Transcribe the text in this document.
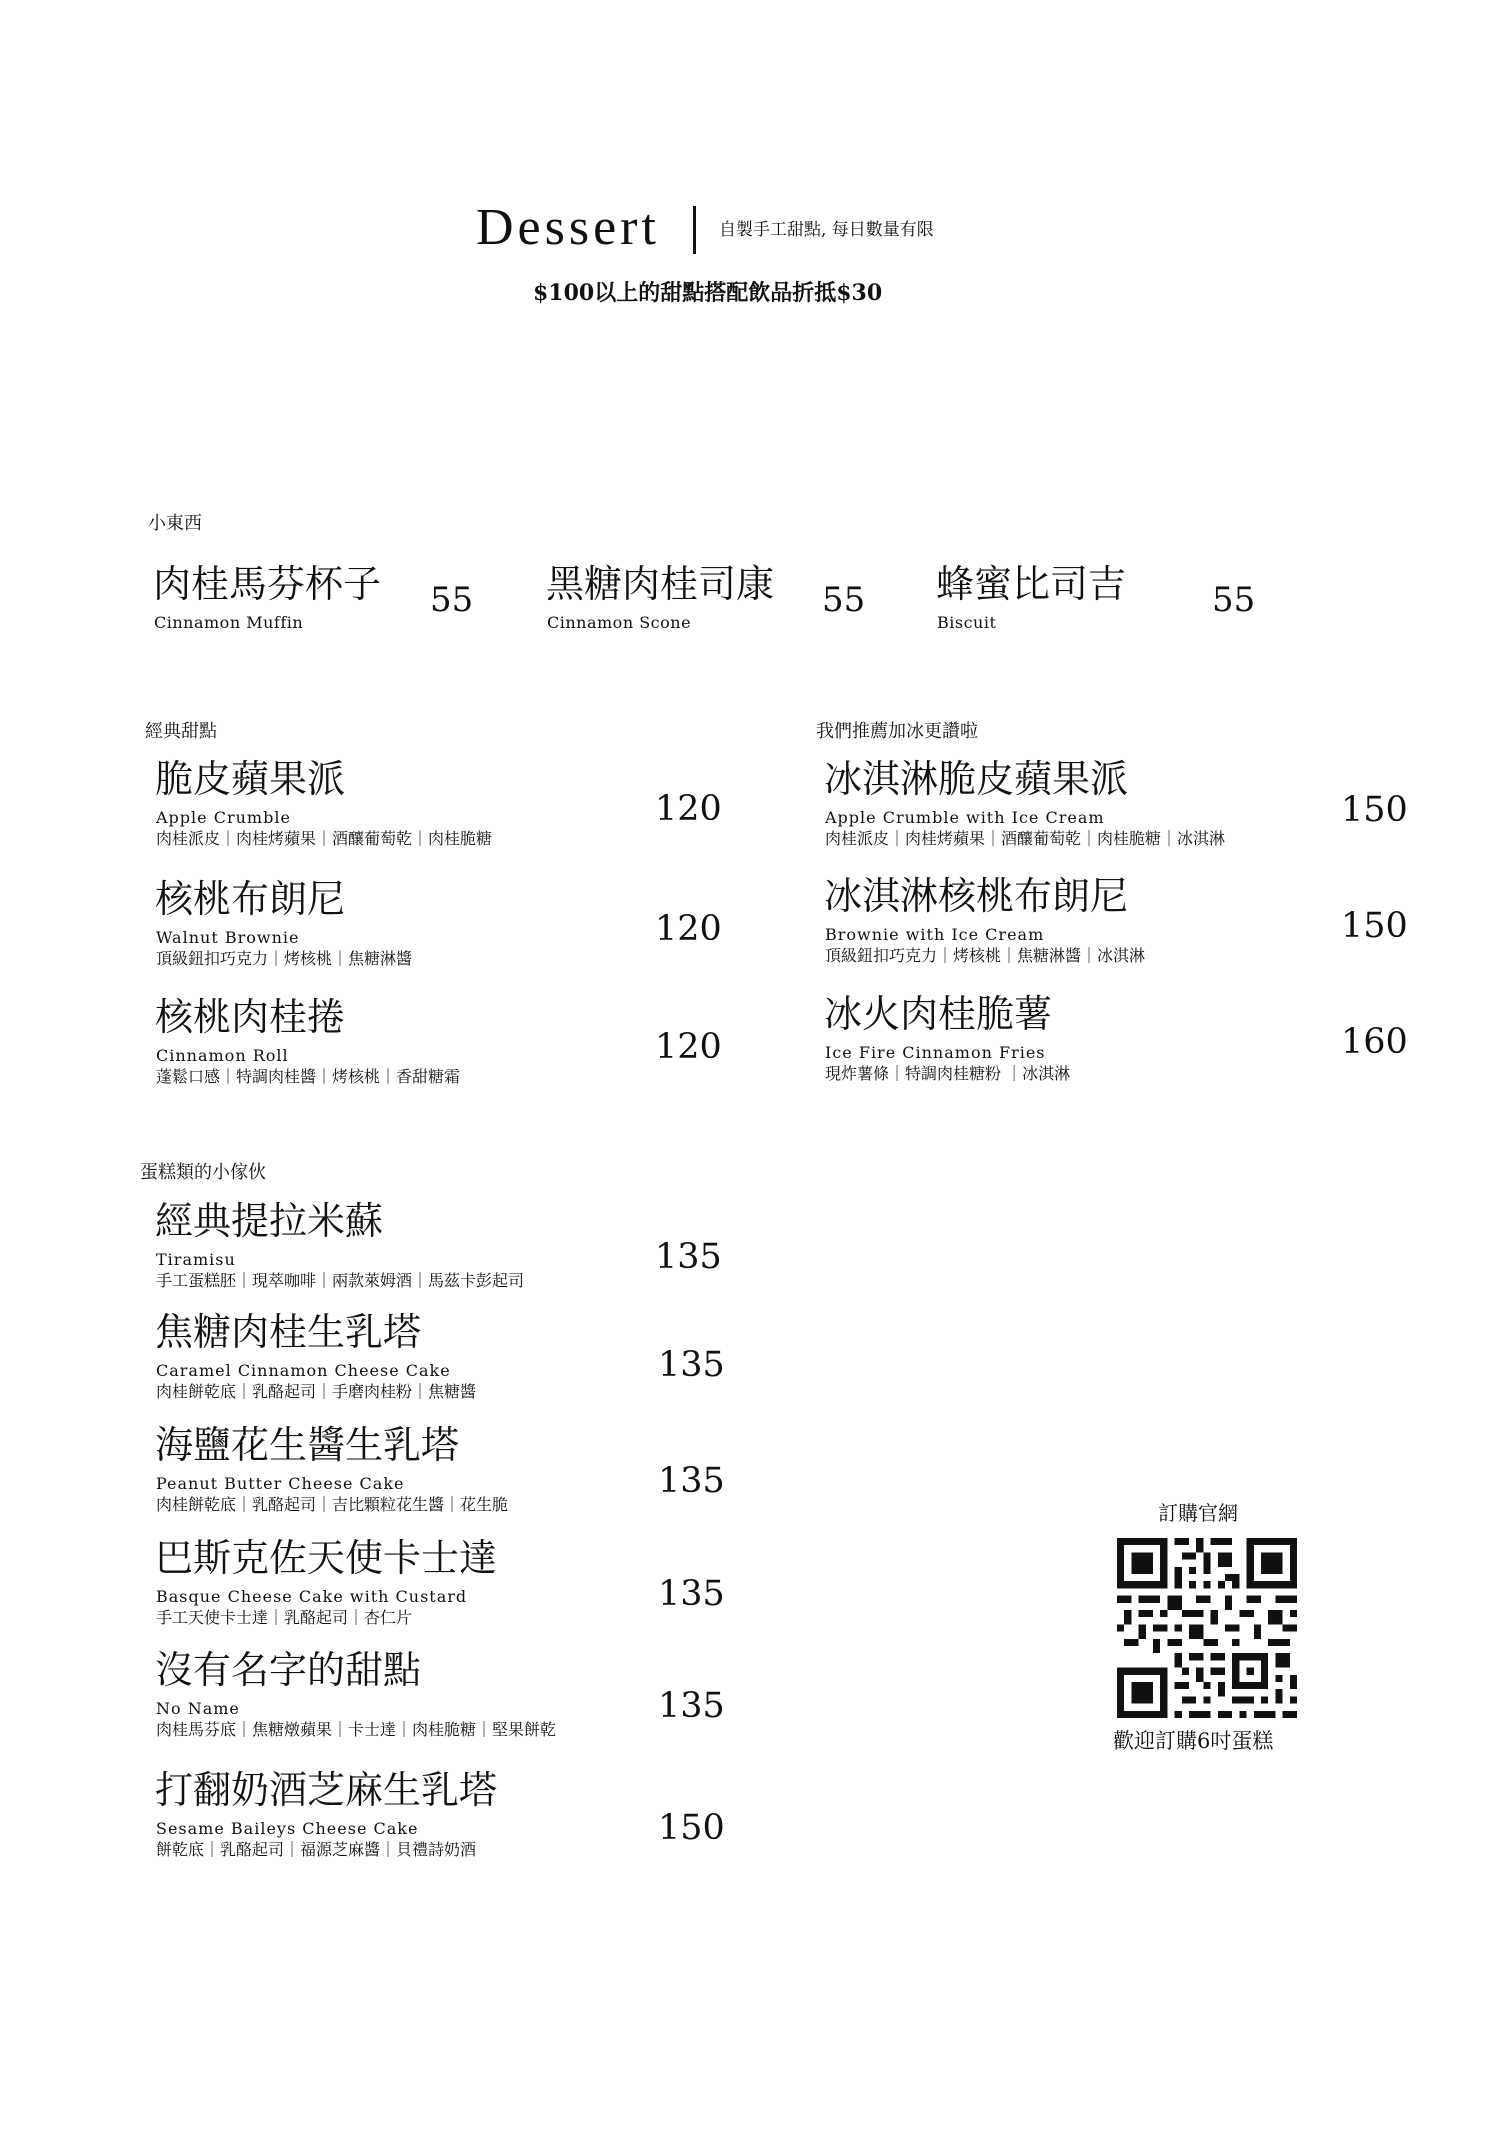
Dessert	自製手工甜點, 每日數量有限
$100以上的甜點搭配飲品折抵$30
小東西
肉桂馬芬杯子
Cinnamon Muffin
55 黑糖肉桂司康
Cinnamon Scone
55 蜂蜜比司吉
Biscuit
55
經典甜點
脆皮蘋果派
Apple Crumble
肉桂派皮｜肉桂烤蘋果｜酒釀葡萄乾｜肉桂脆糖
120
核桃布朗尼
Walnut Brownie
頂級鈕扣巧克力｜烤核桃｜焦糖淋醬
120
核桃肉桂捲
Cinnamon Roll
蓬鬆口感｜特調肉桂醬｜烤核桃｜香甜糖霜
120
我們推薦加冰更讚啦
冰淇淋脆皮蘋果派
Apple Crumble with Ice Cream
肉桂派皮｜肉桂烤蘋果｜酒釀葡萄乾｜肉桂脆糖｜冰淇淋
150
冰淇淋核桃布朗尼
Brownie with Ice Cream
頂級鈕扣巧克力｜烤核桃｜焦糖淋醬｜冰淇淋
150
冰火肉桂脆薯
Ice Fire Cinnamon Fries
現炸薯條｜特調肉桂糖粉 ｜冰淇淋
160
蛋糕類的小傢伙
經典提拉米蘇
Tiramisu
手工蛋糕胚｜現萃咖啡｜兩款萊姆酒｜馬茲卡彭起司
135
焦糖肉桂生乳塔
Caramel Cinnamon Cheese Cake
肉桂餅乾底｜乳酪起司｜手磨肉桂粉｜焦糖醬
135
海鹽花生醬生乳塔
Peanut Butter Cheese Cake
肉桂餅乾底｜乳酪起司｜吉比顆粒花生醬｜花生脆
135
巴斯克佐天使卡士達
Basque Cheese Cake with Custard
手工天使卡士達｜乳酪起司｜杏仁片
135
沒有名字的甜點
No Name
肉桂馬芬底｜焦糖燉蘋果｜卡士達｜肉桂脆糖｜堅果餅乾
135
打翻奶酒芝麻生乳塔
Sesame Baileys Cheese Cake
餅乾底｜乳酪起司｜福源芝麻醬｜貝禮詩奶酒
150
訂購官網
歡迎訂購6吋蛋糕
